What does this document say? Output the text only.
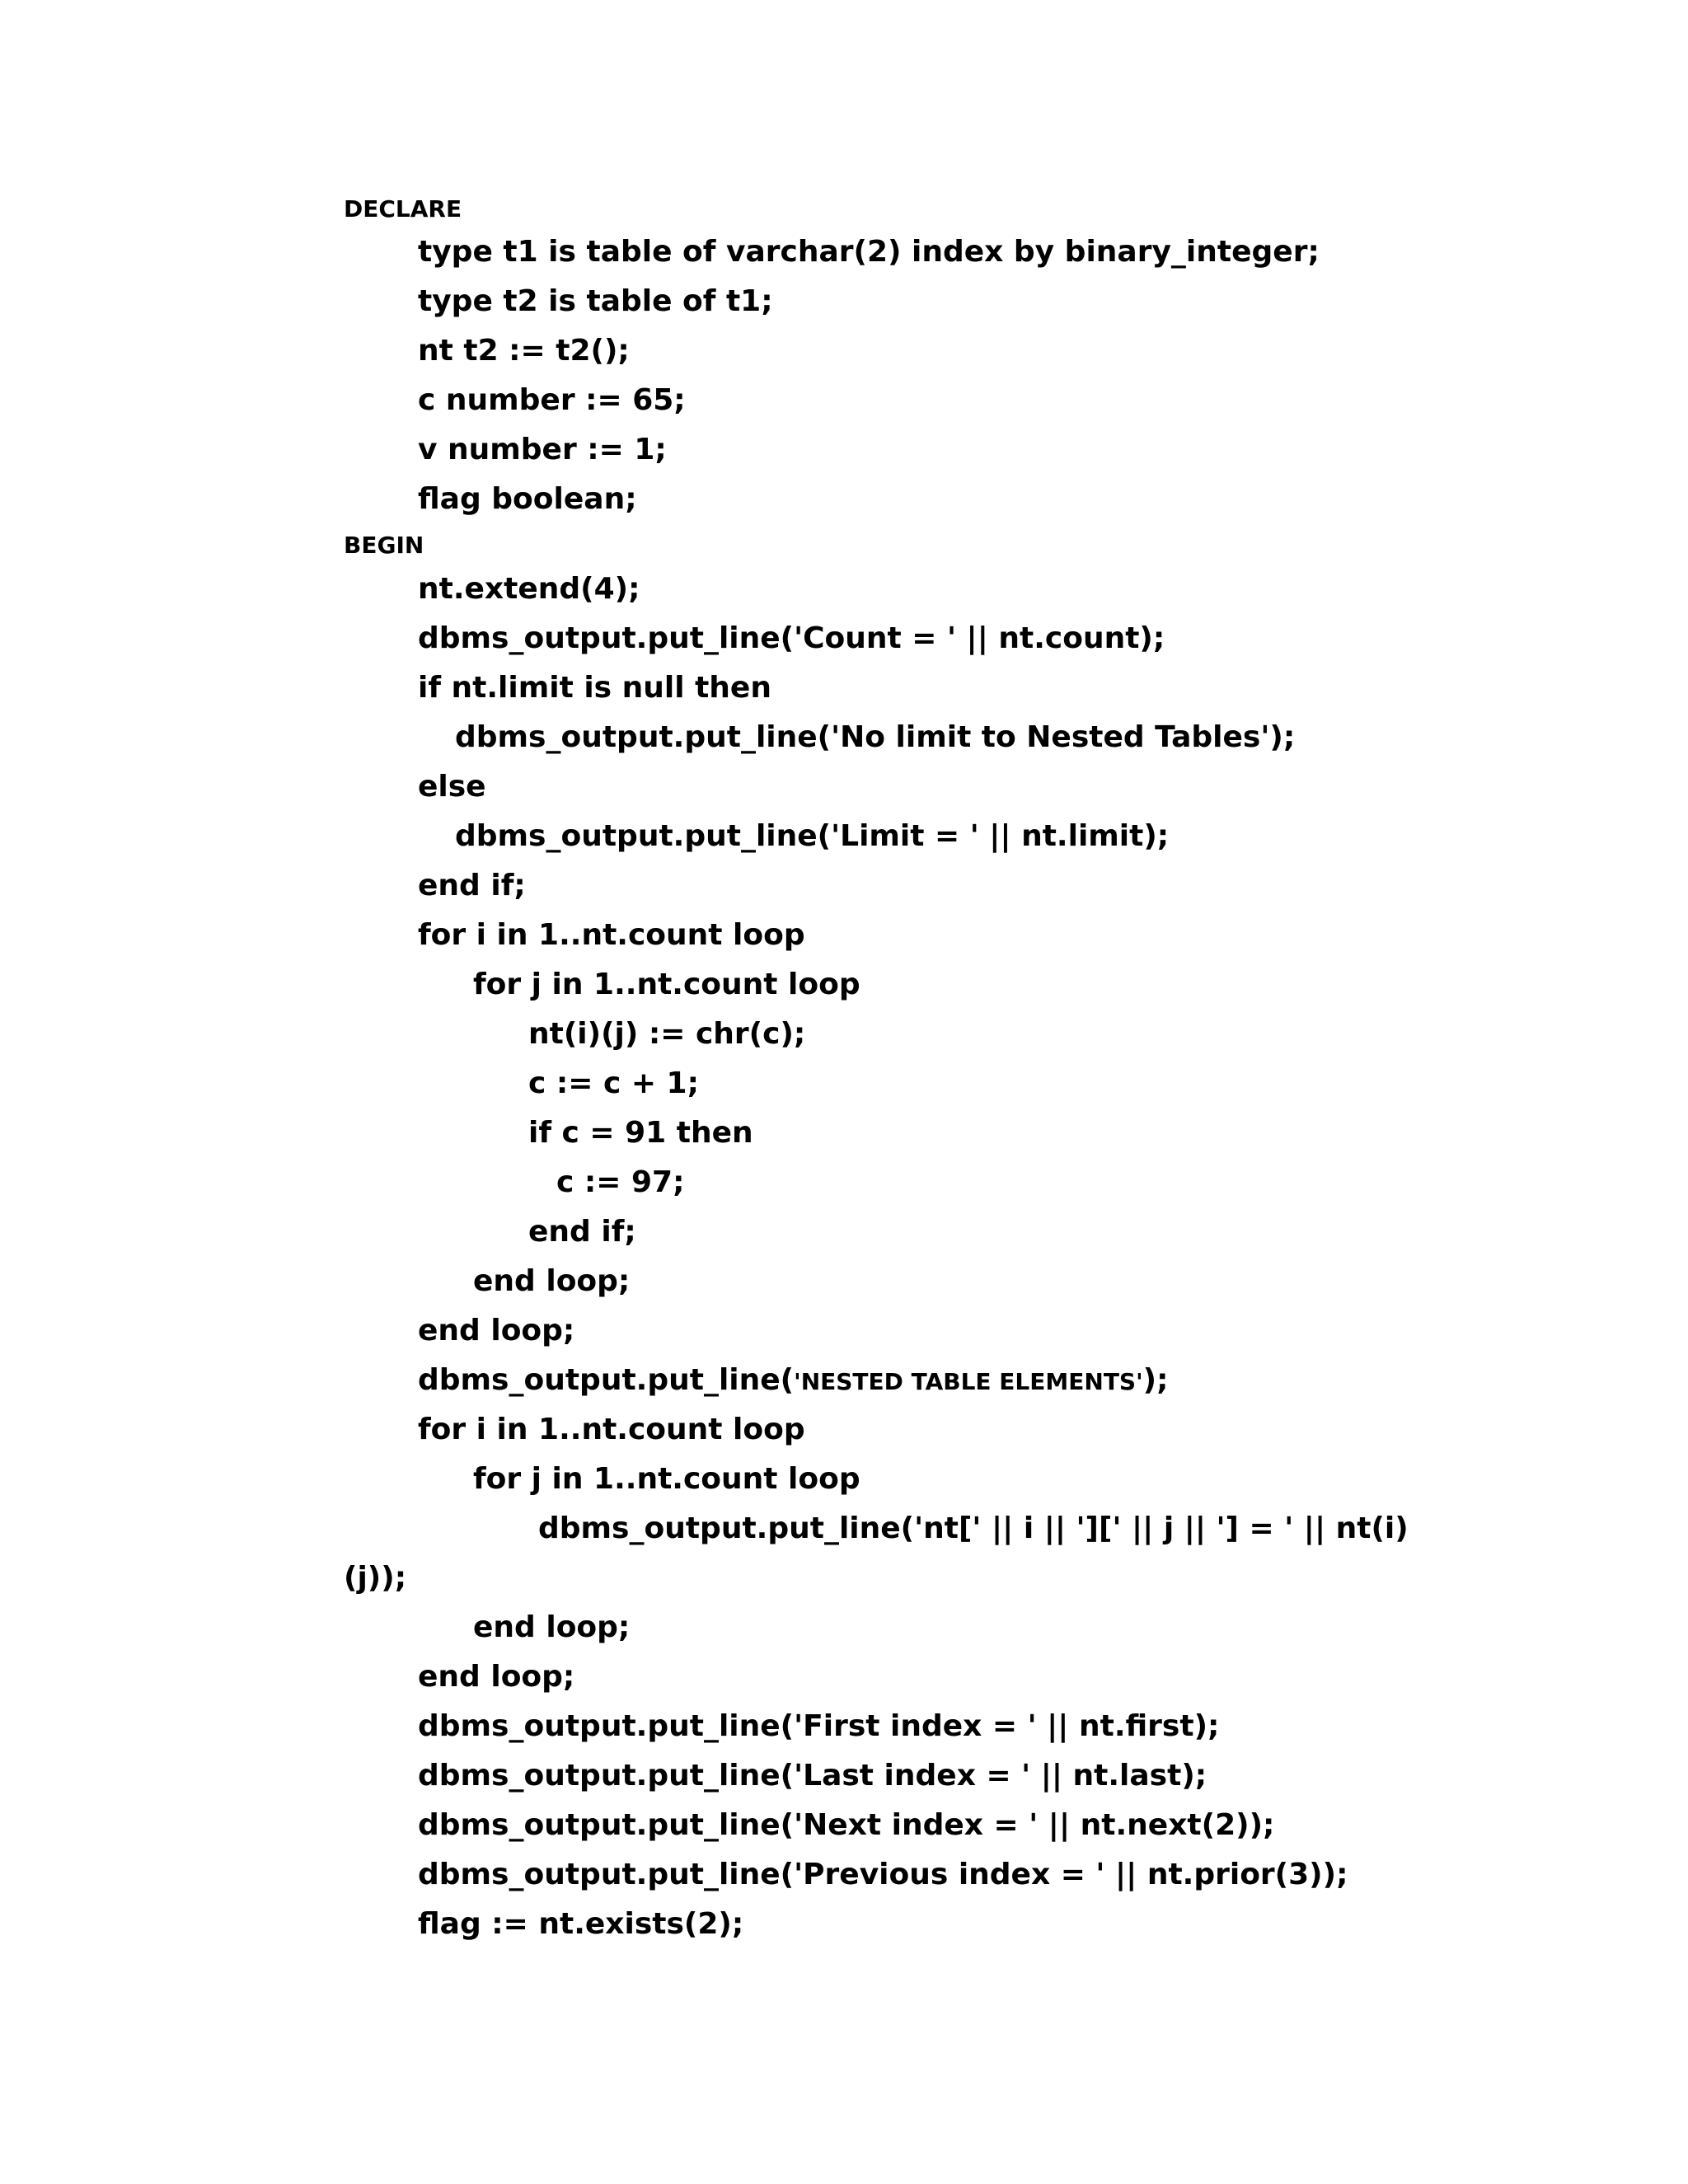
DECLARE
type t1 is table of varchar(2) index by binary_integer;
type t2 is table of t1;
nt t2 := t2();
c number := 65;
v number := 1;
flag boolean;
BEGIN
nt.extend(4);
dbms_output.put_line('Count = ' || nt.count);
if nt.limit is null then
dbms_output.put_line('No limit to Nested Tables');
else
dbms_output.put_line('Limit = ' || nt.limit);
end if;
for i in 1..nt.count loop
for j in 1..nt.count loop
nt(i)(j) := chr(c);
c := c + 1;
if c = 91 then
c := 97;
end if;
end loop;
end loop;
dbms_output.put_line('NESTED TABLE ELEMENTS');
for i in 1..nt.count loop
for j in 1..nt.count loop
dbms_output.put_line('nt[' || i || '][' || j || '] = ' || nt(i)
(j));
end loop;
end loop;
dbms_output.put_line('First index = ' || nt.first);
dbms_output.put_line('Last index = ' || nt.last);
dbms_output.put_line('Next index = ' || nt.next(2));
dbms_output.put_line('Previous index = ' || nt.prior(3));
flag := nt.exists(2);
